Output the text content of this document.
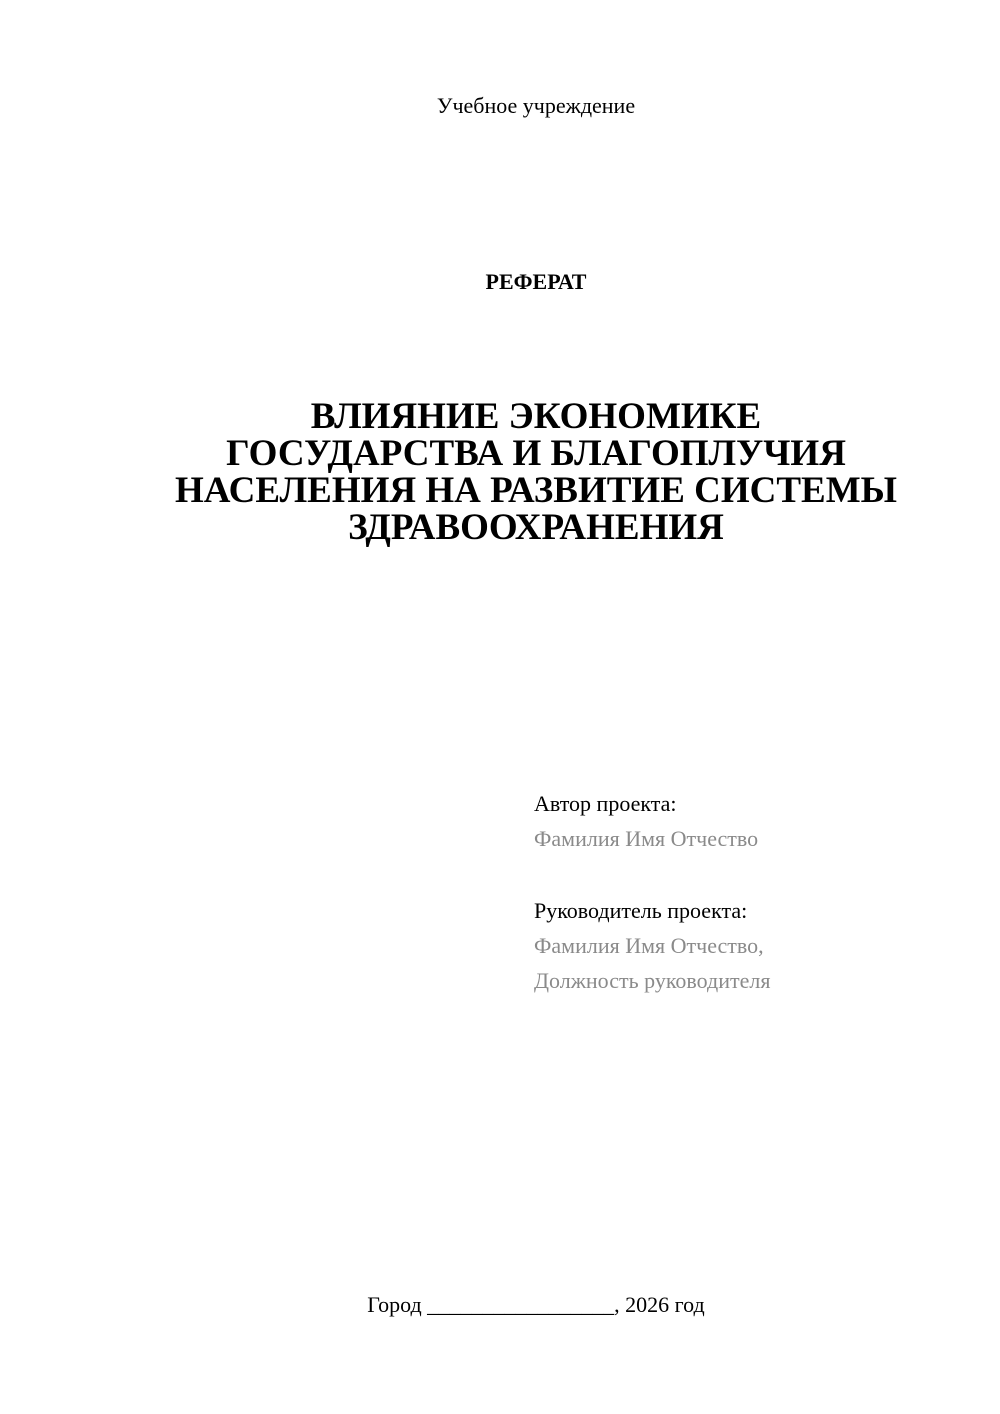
Учебное учреждение
РЕФЕРАТ
ВЛИЯНИЕ ЭКОНОМИКЕ
ГОСУДАРСТВА И БЛАГОПЛУЧИЯ
НАСЕЛЕНИЯ НА РАЗВИТИЕ СИСТЕМЫ
ЗДРАВООХРАНЕНИЯ
Автор проекта:
Фамилия Имя Отчество
Руководитель проекта:
Фамилия Имя Отчество,
Должность руководителя
Город _________________, 2026 год
